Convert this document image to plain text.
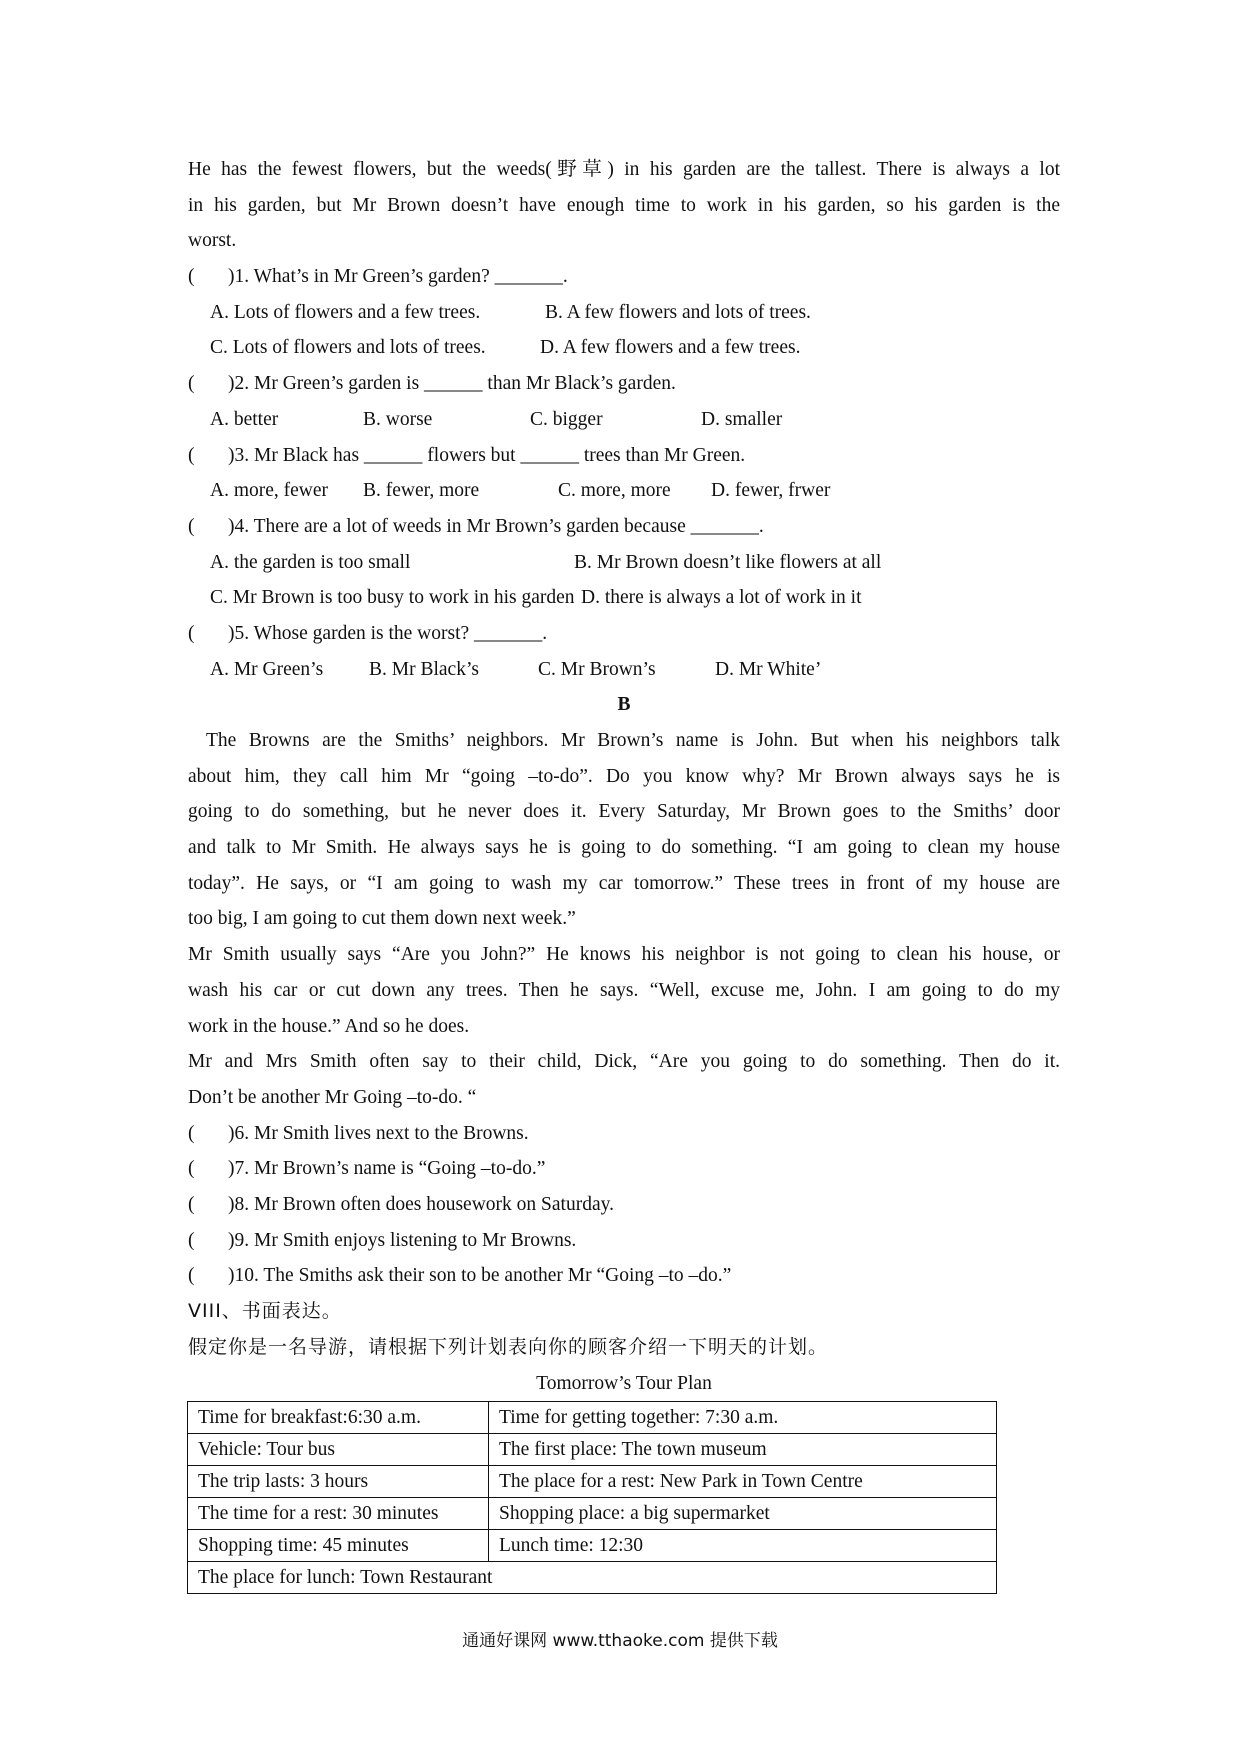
He has the fewest flowers, but the weeds(野草) in his garden are the tallest. There is always a lot
in his garden, but Mr Brown doesn’t have enough time to work in his garden, so his garden is the
worst.
( )1. What’s in Mr Green’s garden? _______.
A. Lots of flowers and a few trees.	B. A few flowers and lots of trees.
C. Lots of flowers and lots of trees.	D. A few flowers and a few trees.
( )2. Mr Green’s garden is ______ than Mr Black’s garden.
A. better	B. worse	C. bigger	D. smaller
( )3. Mr Black has ______ flowers but ______ trees than Mr Green.
A. more, fewer B. fewer, more	C. more, more D. fewer, frwer
( )4. There are a lot of weeds in Mr Brown’s garden because _______.
A. the garden is too small	B. Mr Brown doesn’t like flowers at all
C. Mr Brown is too busy to work in his garden D. there is always a lot of work in it
( )5. Whose garden is the worst? _______.
A. Mr Green’s B. Mr Black’s	C. Mr Brown’s	D. Mr White’
B
The Browns are the Smiths’ neighbors. Mr Brown’s name is John. But when his neighbors talk
about him, they call him Mr “going –to-do”. Do you know why? Mr Brown always says he is
going to do something, but he never does it. Every Saturday, Mr Brown goes to the Smiths’ door
and talk to Mr Smith. He always says he is going to do something. “I am going to clean my house
today”. He says, or “I am going to wash my car tomorrow.” These trees in front of my house are
too big, I am going to cut them down next week.”
Mr Smith usually says “Are you John?” He knows his neighbor is not going to clean his house, or
wash his car or cut down any trees. Then he says. “Well, excuse me, John. I am going to do my
work in the house.” And so he does.
Mr and Mrs Smith often say to their child, Dick, “Are you going to do something. Then do it.
Don’t be another Mr Going –to-do. “
( )6. Mr Smith lives next to the Browns.
( )7. Mr Brown’s name is “Going –to-do.”
( )8. Mr Brown often does housework on Saturday.
( )9. Mr Smith enjoys listening to Mr Browns.
( )10. The Smiths ask their son to be another Mr “Going –to –do.”
VIII、书面表达。
假定你是一名导游，请根据下列计划表向你的顾客介绍一下明天的计划。
Tomorrow’s Tour Plan
Time for breakfast:6:30 a.m.	Time for getting together: 7:30 a.m.
Vehicle: Tour bus	The first place: The town museum
The trip lasts: 3 hours	The place for a rest: New Park in Town Centre
The time for a rest: 30 minutes	Shopping place: a big supermarket
Shopping time: 45 minutes	Lunch time: 12:30
The place for lunch: Town Restaurant	
通通好课网 www.tthaoke.com 提供下载
